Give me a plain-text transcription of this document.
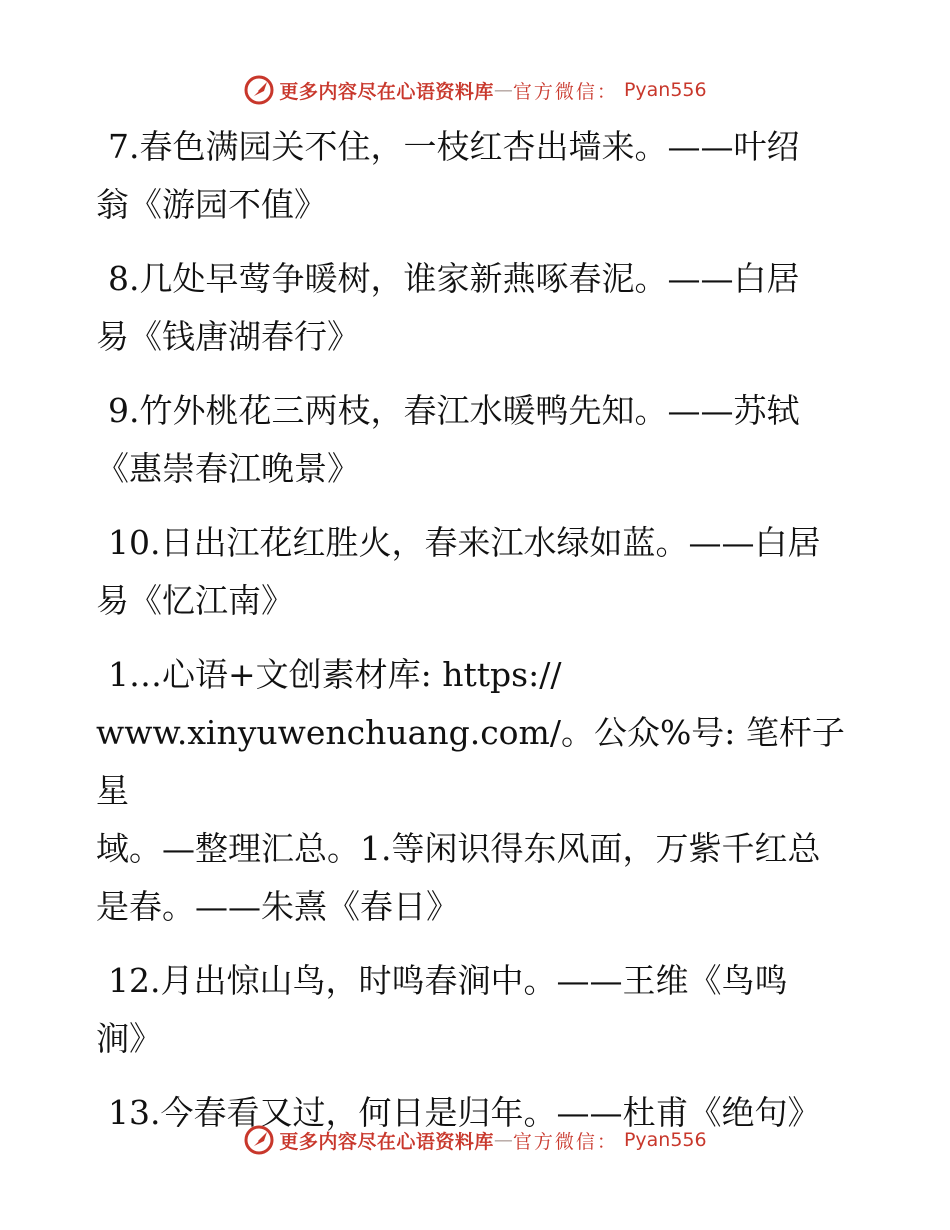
更多内容尽在心语资料库 — 官方微信： Pyan556

7.春色满园关不住，一枝红杏出墙来。——叶绍
翁《游园不值》

8.几处早莺争暖树，谁家新燕啄春泥。——白居
易《钱唐湖春行》

9.竹外桃花三两枝，春江水暖鸭先知。——苏轼
《惠崇春江晚景》

10.日出江花红胜火，春来江水绿如蓝。——白居
易《忆江南》

1…心语+文创素材库: https://
www.xinyuwenchuang.com/。公众%号: 笔杆子星
域。—整理汇总。1.等闲识得东风面，万紫千红总
是春。——朱熹《春日》

12.月出惊山鸟，时鸣春涧中。——王维《鸟鸣
涧》

13.今春看又过，何日是归年。——杜甫《绝句》

更多内容尽在心语资料库 — 官方微信： Pyan556
